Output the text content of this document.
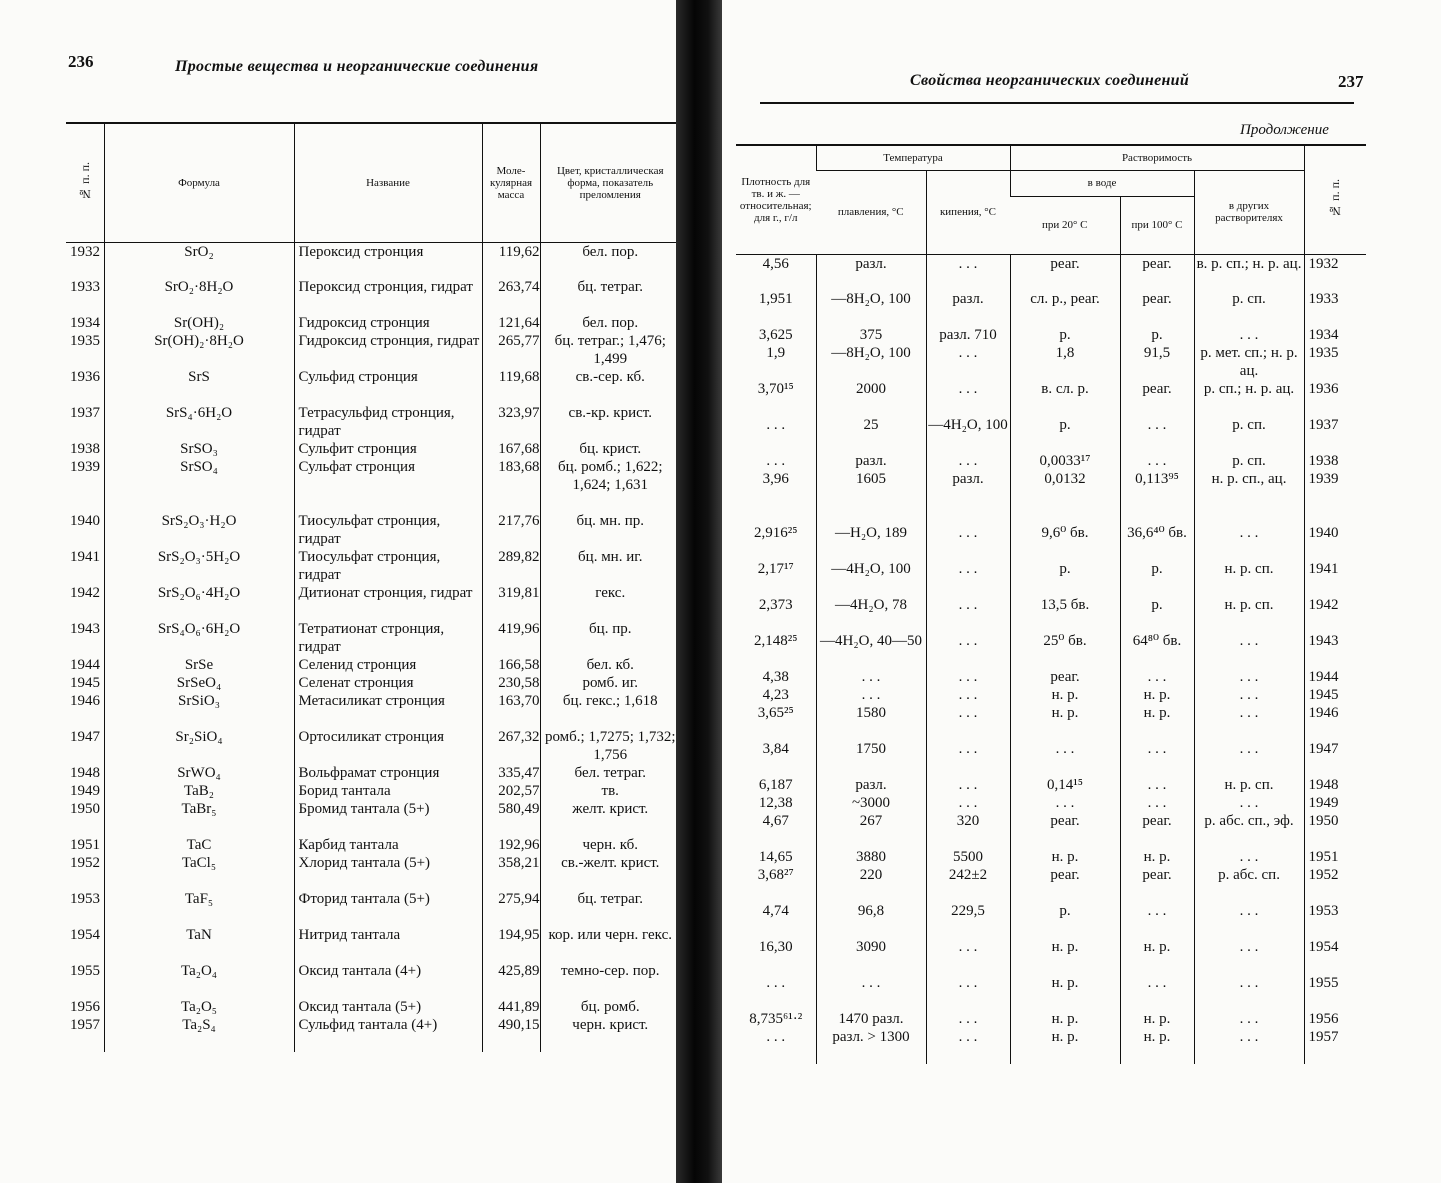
236	Простые вещества и неорганические соединения
№ п. п.	Формула	Название	Моле-кулярная масса	Цвет, кристаллическая форма, показатель преломления
1932	SrO₂	Пероксид стронция	119,62	бел. пор.
1933	SrO₂·8H₂O	Пероксид стронция, гидрат	263,74	бц. тетраг.
1934	Sr(OH)₂	Гидроксид стронция	121,64	бел. пор.
1935	Sr(OH)₂·8H₂O	Гидроксид стронция, гидрат	265,77	бц. тетраг.; 1,476; 1,499
1936	SrS	Сульфид стронция	119,68	св.-сер. кб.
1937	SrS₄·6H₂O	Тетрасульфид стронция, гидрат	323,97	св.-кр. крист.
1938	SrSO₃	Сульфит стронция	167,68	бц. крист.
1939	SrSO₄	Сульфат стронция	183,68	бц. ромб.; 1,622; 1,624; 1,631
1940	SrS₂O₃·H₂O	Тиосульфат стронция, гидрат	217,76	бц. мн. пр.
1941	SrS₂O₃·5H₂O	Тиосульфат стронция, гидрат	289,82	бц. мн. иг.
1942	SrS₂O₆·4H₂O	Дитионат стронция, гидрат	319,81	гекс.
1943	SrS₄O₆·6H₂O	Тетратионат стронция, гидрат	419,96	бц. пр.
1944	SrSe	Селенид стронция	166,58	бел. кб.
1945	SrSeO₄	Селенат стронция	230,58	ромб. иг.
1946	SrSiO₃	Метасиликат стронция	163,70	бц. гекс.; 1,618
1947	Sr₂SiO₄	Ортосиликат стронция	267,32	ромб.; 1,7275; 1,732; 1,756
1948	SrWO₄	Вольфрамат стронция	335,47	бел. тетраг.
1949	TaB₂	Борид тантала	202,57	тв.
1950	TaBr₅	Бромид тантала (5+)	580,49	желт. крист.
1951	TaC	Карбид тантала	192,96	черн. кб.
1952	TaCl₅	Хлорид тантала (5+)	358,21	св.-желт. крист.
1953	TaF₅	Фторид тантала (5+)	275,94	бц. тетраг.
1954	TaN	Нитрид тантала	194,95	кор. или черн. гекс.
1955	Ta₂O₄	Оксид тантала (4+)	425,89	темно-сер. пор.
1956	Ta₂O₅	Оксид тантала (5+)	441,89	бц. ромб.
1957	Ta₂S₄	Сульфид тантала (4+)	490,15	черн. крист.
Свойства неорганических соединений	237
Продолжение
Плотность для тв. и ж. — относительная; для г., г/л	Температура		Растворимость			№ п. п.
	плавления, °C	кипения, °C	в воде		в других растворителях	
			при 20° С	при 100° С		
4,56	разл.	. . .	реаг.	реаг.	в. р. сп.; н. р. ац.	1932
1,951	—8H₂O, 100	разл.	сл. р., реаг.	реаг.	р. сп.	1933
3,625	375	разл. 710	р.	р.	. . .	1934
1,9	—8H₂O, 100	. . .	1,8	91,5	р. мет. сп.; н. р. ац.	1935
3,70¹⁵	2000	. . .	в. сл. р.	реаг.	р. сп.; н. р. ац.	1936
. . .	25	—4H₂O, 100	р.	. . .	р. сп.	1937
. . .	разл.	. . .	0,0033¹⁷	. . .	р. сп.	1938
3,96	1605	разл.	0,0132	0,113⁹⁵	н. р. сп., ац.	1939
2,916²⁵	—H₂O, 189	. . .	9,6⁰ бв.	36,6⁴⁰ бв.	. . .	1940
2,17¹⁷	—4H₂O, 100	. . .	р.	р.	н. р. сп.	1941
2,373	—4H₂O, 78	. . .	13,5 бв.	р.	н. р. сп.	1942
2,148²⁵	—4H₂O, 40—50	. . .	25⁰ бв.	64⁸⁰ бв.	. . .	1943
4,38	. . .	. . .	реаг.	. . .	. . .	1944
4,23	. . .	. . .	н. р.	н. р.	. . .	1945
3,65²⁵	1580	. . .	н. р.	н. р.	. . .	1946
3,84	1750	. . .	. . .	. . .	. . .	1947
6,187	разл.	. . .	0,14¹⁵	. . .	н. р. сп.	1948
12,38	~3000	. . .	. . .	. . .	. . .	1949
4,67	267	320	реаг.	реаг.	р. абс. сп., эф.	1950
14,65	3880	5500	н. р.	н. р.	. . .	1951
3,68²⁷	220	242±2	реаг.	реаг.	р. абс. сп.	1952
4,74	96,8	229,5	р.	. . .	. . .	1953
16,30	3090	. . .	н. р.	н. р.	. . .	1954
. . .	. . .	. . .	н. р.	. . .	. . .	1955
8,735⁶¹·²	1470 разл.	. . .	н. р.	н. р.	. . .	1956
. . .	разл. > 1300	. . .	н. р.	н. р.	. . .	1957
